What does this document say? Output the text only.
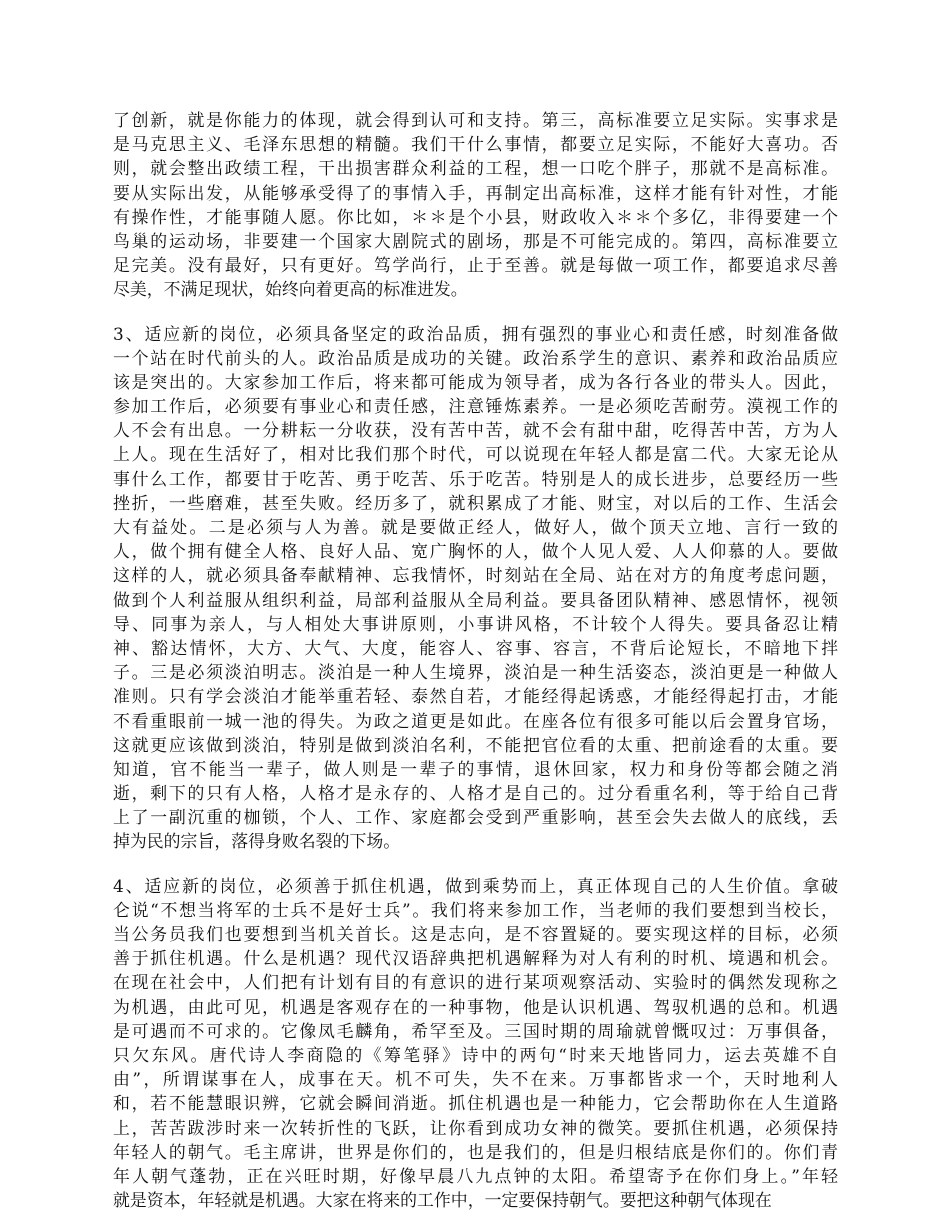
了创新，就是你能力的体现，就会得到认可和支持。第三，高标准要立足实际。实事求是
是马克思主义、毛泽东思想的精髓。我们干什么事情，都要立足实际，不能好大喜功。否
则，就会整出政绩工程，干出损害群众利益的工程，想一口吃个胖子，那就不是高标准。
要从实际出发，从能够承受得了的事情入手，再制定出高标准，这样才能有针对性，才能
有操作性，才能事随人愿。你比如，＊＊是个小县，财政收入＊＊个多亿，非得要建一个
鸟巢的运动场，非要建一个国家大剧院式的剧场，那是不可能完成的。第四，高标准要立
足完美。没有最好，只有更好。笃学尚行，止于至善。就是每做一项工作，都要追求尽善
尽美，不满足现状，始终向着更高的标准进发。

3、适应新的岗位，必须具备坚定的政治品质，拥有强烈的事业心和责任感，时刻准备做
一个站在时代前头的人。政治品质是成功的关键。政治系学生的意识、素养和政治品质应
该是突出的。大家参加工作后，将来都可能成为领导者，成为各行各业的带头人。因此，
参加工作后，必须要有事业心和责任感，注意锤炼素养。一是必须吃苦耐劳。漠视工作的
人不会有出息。一分耕耘一分收获，没有苦中苦，就不会有甜中甜，吃得苦中苦，方为人
上人。现在生活好了，相对比我们那个时代，可以说现在年轻人都是富二代。大家无论从
事什么工作，都要甘于吃苦、勇于吃苦、乐于吃苦。特别是人的成长进步，总要经历一些
挫折，一些磨难，甚至失败。经历多了，就积累成了才能、财宝，对以后的工作、生活会
大有益处。二是必须与人为善。就是要做正经人，做好人，做个顶天立地、言行一致的
人，做个拥有健全人格、良好人品、宽广胸怀的人，做个人见人爱、人人仰慕的人。要做
这样的人，就必须具备奉献精神、忘我情怀，时刻站在全局、站在对方的角度考虑问题，
做到个人利益服从组织利益，局部利益服从全局利益。要具备团队精神、感恩情怀，视领
导、同事为亲人，与人相处大事讲原则，小事讲风格，不计较个人得失。要具备忍让精
神、豁达情怀，大方、大气、大度，能容人、容事、容言，不背后论短长，不暗地下拌
子。三是必须淡泊明志。淡泊是一种人生境界，淡泊是一种生活姿态，淡泊更是一种做人
准则。只有学会淡泊才能举重若轻、泰然自若，才能经得起诱惑，才能经得起打击，才能
不看重眼前一城一池的得失。为政之道更是如此。在座各位有很多可能以后会置身官场，
这就更应该做到淡泊，特别是做到淡泊名利，不能把官位看的太重、把前途看的太重。要
知道，官不能当一辈子，做人则是一辈子的事情，退休回家，权力和身份等都会随之消
逝，剩下的只有人格，人格才是永存的、人格才是自己的。过分看重名利，等于给自己背
上了一副沉重的枷锁，个人、工作、家庭都会受到严重影响，甚至会失去做人的底线，丢
掉为民的宗旨，落得身败名裂的下场。

4、适应新的岗位，必须善于抓住机遇，做到乘势而上，真正体现自己的人生价值。拿破
仑说“不想当将军的士兵不是好士兵”。我们将来参加工作，当老师的我们要想到当校长，
当公务员我们也要想到当机关首长。这是志向，是不容置疑的。要实现这样的目标，必须
善于抓住机遇。什么是机遇？现代汉语辞典把机遇解释为对人有利的时机、境遇和机会。
在现在社会中，人们把有计划有目的有意识的进行某项观察活动、实验时的偶然发现称之
为机遇，由此可见，机遇是客观存在的一种事物，他是认识机遇、驾驭机遇的总和。机遇
是可遇而不可求的。它像凤毛麟角，希罕至及。三国时期的周瑜就曾慨叹过：万事俱备，
只欠东风。唐代诗人李商隐的《筹笔驿》诗中的两句“时来天地皆同力，运去英雄不自
由”，所谓谋事在人，成事在天。机不可失，失不在来。万事都皆求一个，天时地利人
和，若不能慧眼识辨，它就会瞬间消逝。抓住机遇也是一种能力，它会帮助你在人生道路
上，苦苦跋涉时来一次转折性的飞跃，让你看到成功女神的微笑。要抓住机遇，必须保持
年轻人的朝气。毛主席讲，世界是你们的，也是我们的，但是归根结底是你们的。你们青
年人朝气蓬勃，正在兴旺时期，好像早晨八九点钟的太阳。希望寄予在你们身上。”年轻
就是资本，年轻就是机遇。大家在将来的工作中，一定要保持朝气。要把这种朝气体现在
